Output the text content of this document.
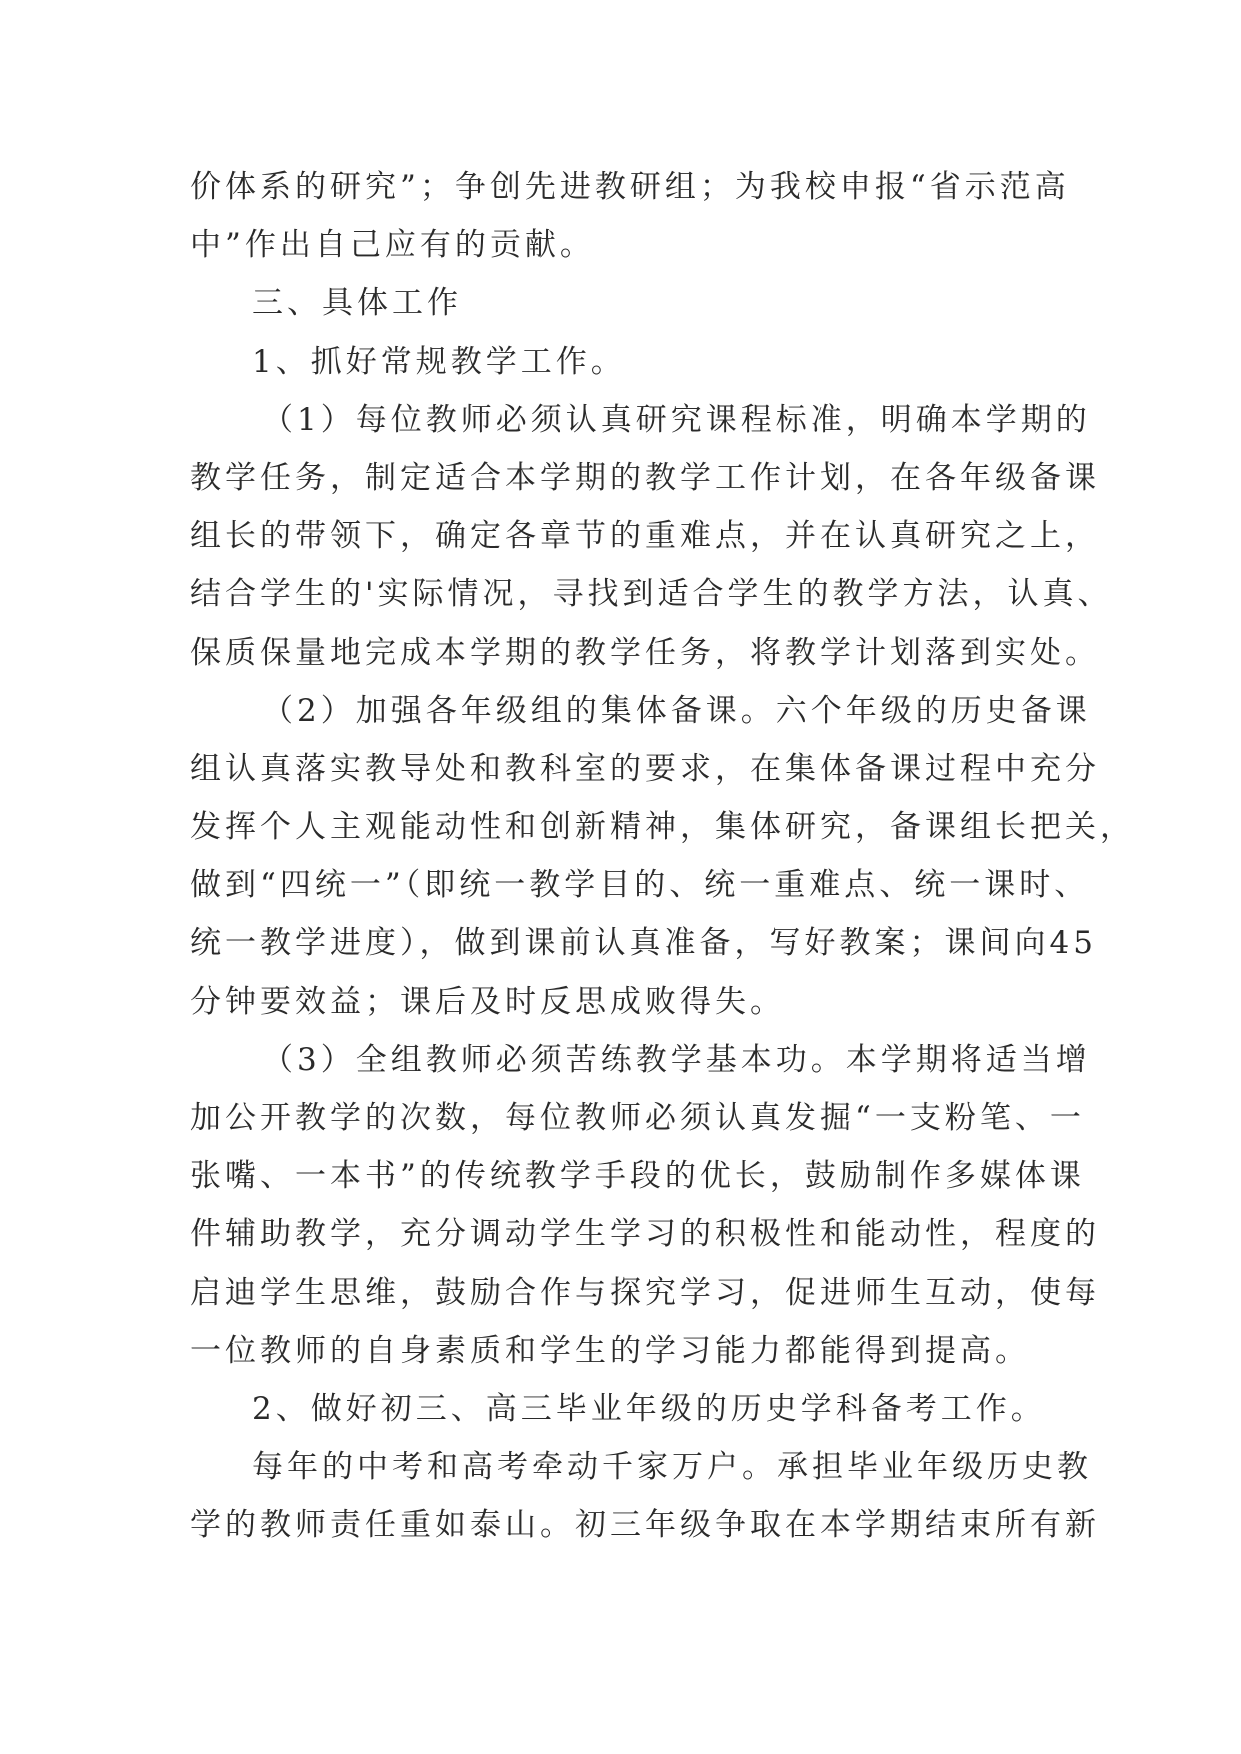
价体系的研究”；争创先进教研组；为我校申报“省示范高
中”作出自己应有的贡献。
三、具体工作
1、抓好常规教学工作。
（1）每位教师必须认真研究课程标准，明确本学期的
教学任务，制定适合本学期的教学工作计划，在各年级备课
组长的带领下，确定各章节的重难点，并在认真研究之上，
结合学生的'实际情况，寻找到适合学生的教学方法，认真、
保质保量地完成本学期的教学任务，将教学计划落到实处。
（2）加强各年级组的集体备课。六个年级的历史备课
组认真落实教导处和教科室的要求，在集体备课过程中充分
发挥个人主观能动性和创新精神，集体研究，备课组长把关，
做到“四统一”（即统一教学目的、统一重难点、统一课时、
统一教学进度），做到课前认真准备，写好教案；课间向45
分钟要效益；课后及时反思成败得失。
（3）全组教师必须苦练教学基本功。本学期将适当增
加公开教学的次数，每位教师必须认真发掘“一支粉笔、一
张嘴、一本书”的传统教学手段的优长，鼓励制作多媒体课
件辅助教学，充分调动学生学习的积极性和能动性，程度的
启迪学生思维，鼓励合作与探究学习，促进师生互动，使每
一位教师的自身素质和学生的学习能力都能得到提高。
2、做好初三、高三毕业年级的历史学科备考工作。
每年的中考和高考牵动千家万户。承担毕业年级历史教
学的教师责任重如泰山。初三年级争取在本学期结束所有新
